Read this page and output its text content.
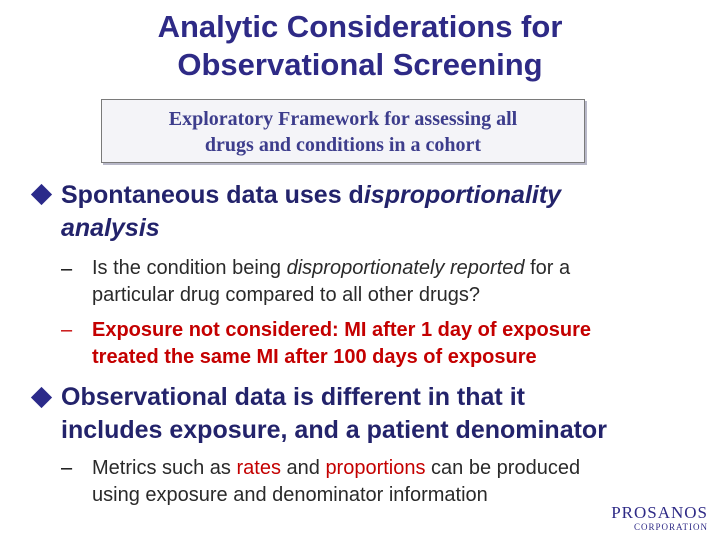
Analytic Considerations for
Observational Screening
Exploratory Framework for assessing all
drugs and conditions in a cohort
Spontaneous data uses disproportionality
analysis
– Is the condition being disproportionately reported for a
particular drug compared to all other drugs?
– Exposure not considered: MI after 1 day of exposure
treated the same MI after 100 days of exposure
Observational data is different in that it
includes exposure, and a patient denominator
– Metrics such as rates and proportions can be produced
using exposure and denominator information
PROSANOS
CORPORATION
